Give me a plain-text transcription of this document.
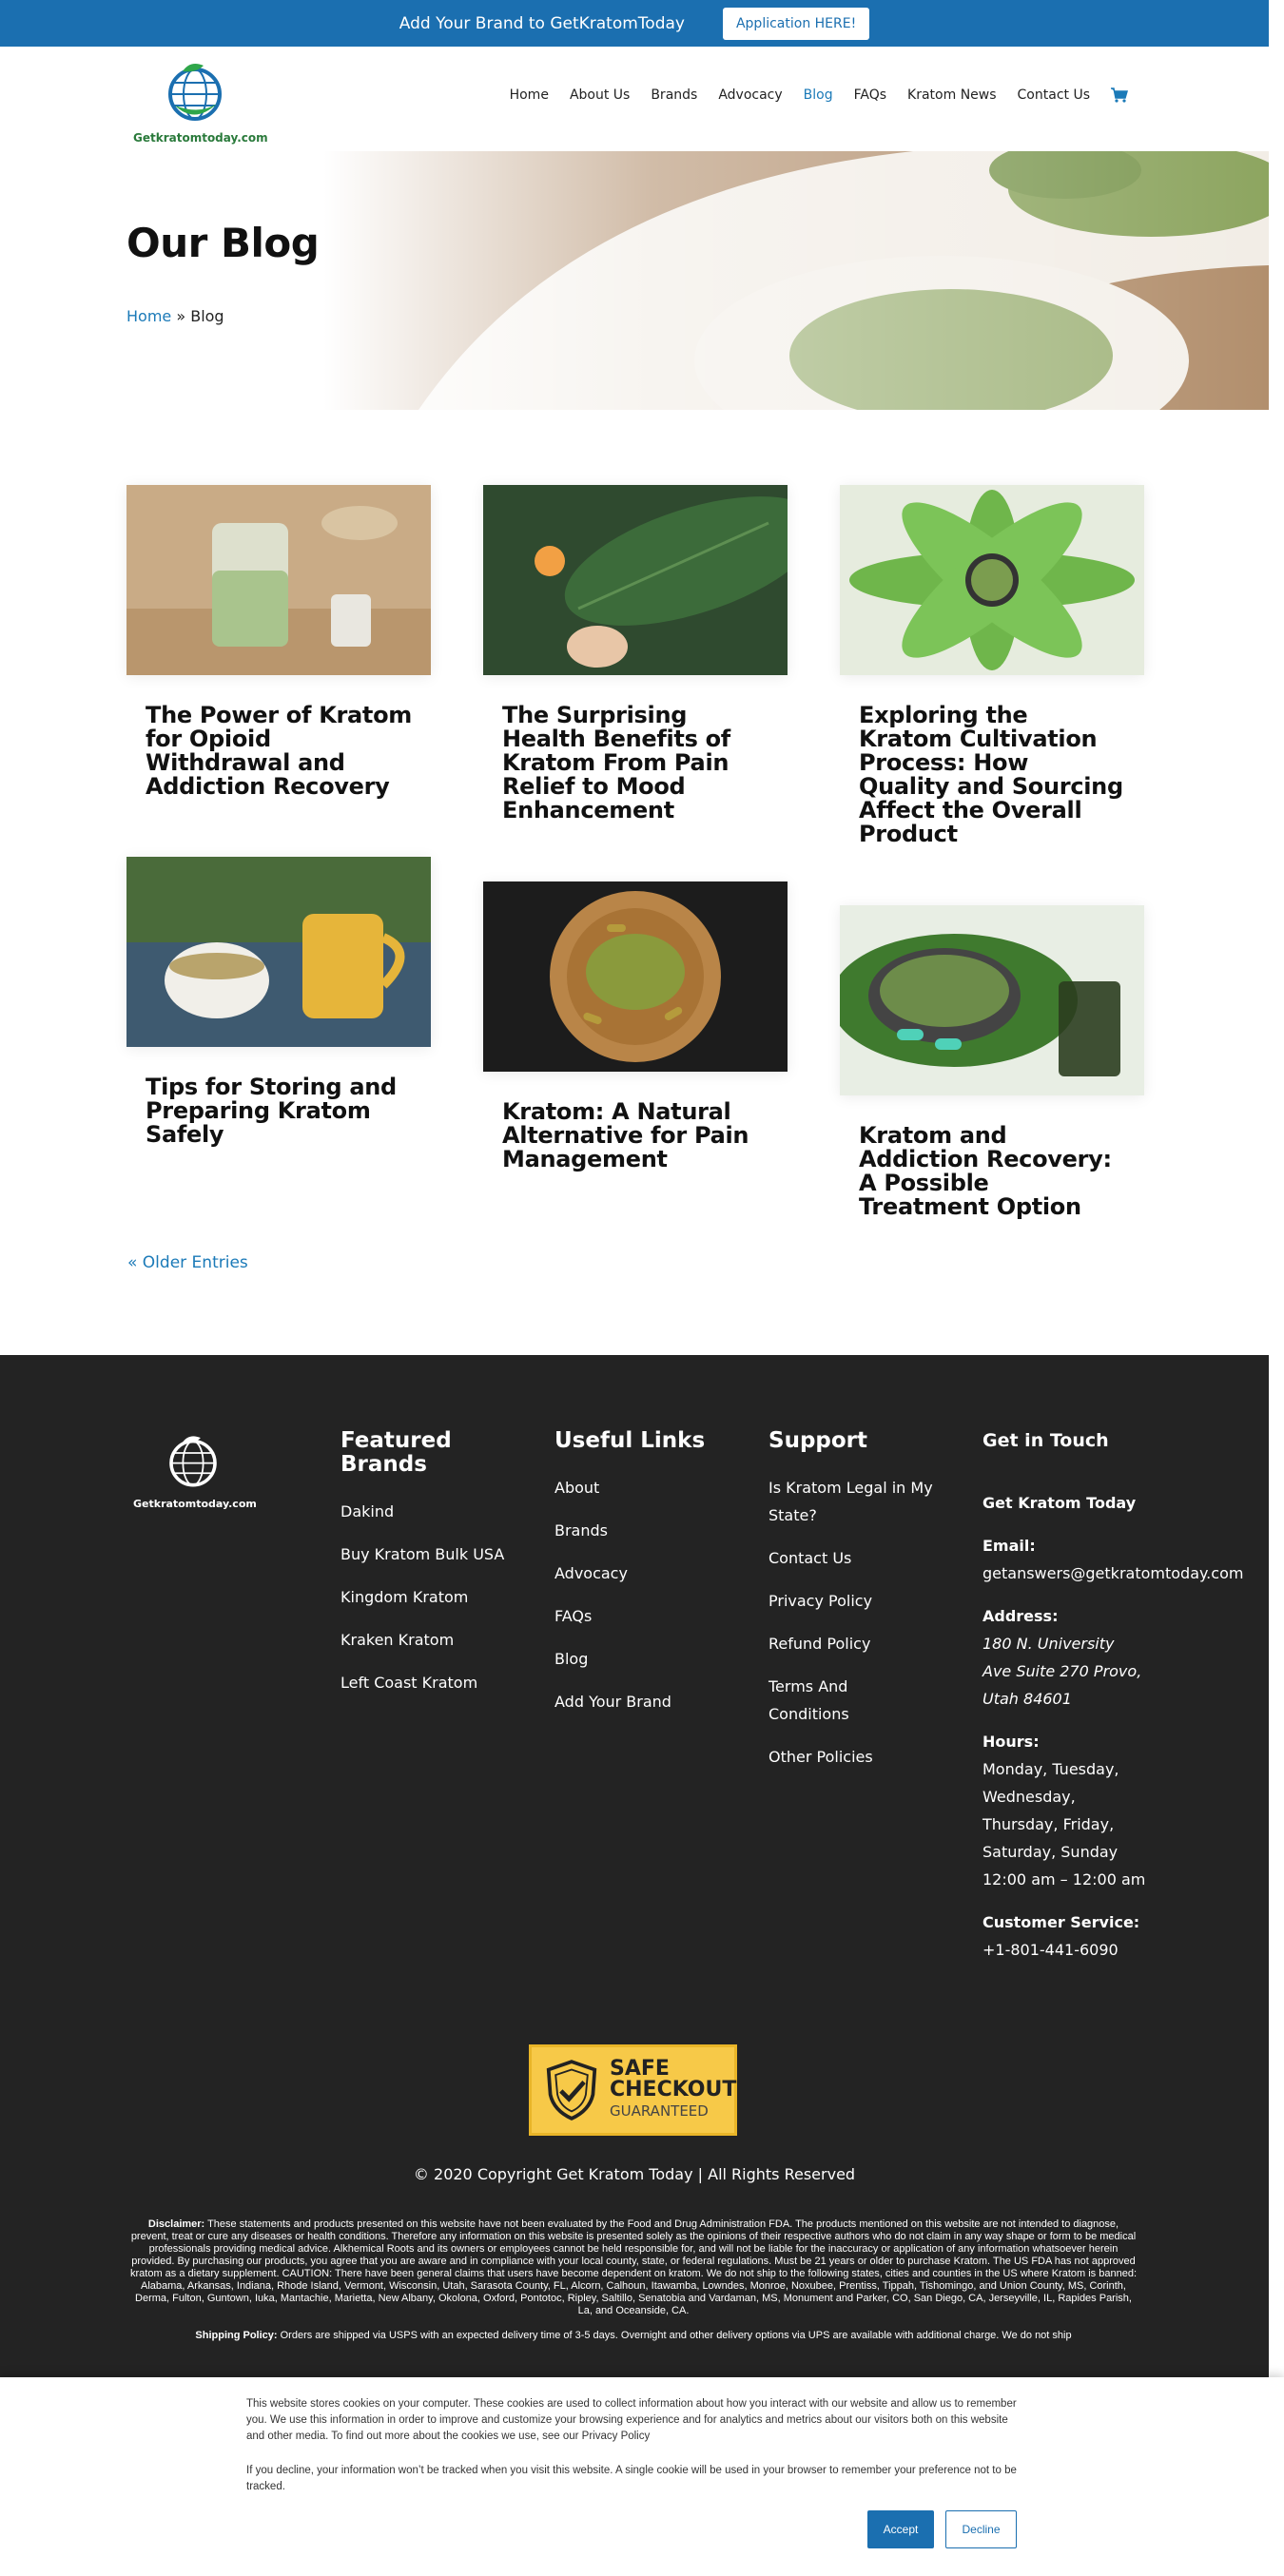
Add Your Brand to GetKratomToday	Application HERE!
Getkratomtoday.com
Home About Us Brands Advocacy Blog FAQs Kratom News Contact Us
Our Blog
Home » Blog
The Power of Kratom for Opioid Withdrawal and Addiction Recovery
The Surprising Health Benefits of Kratom From Pain Relief to Mood Enhancement
Exploring the Kratom Cultivation Process: How Quality and Sourcing Affect the Overall Product
Tips for Storing and Preparing Kratom Safely
Kratom: A Natural Alternative for Pain Management
Kratom and Addiction Recovery: A Possible Treatment Option
« Older Entries
Getkratomtoday.com
Featured Brands
Dakind
Buy Kratom Bulk USA
Kingdom Kratom
Kraken Kratom
Left Coast Kratom
Useful Links
About
Brands
Advocacy
FAQs
Blog
Add Your Brand
Support
Is Kratom Legal in My State?
Contact Us
Privacy Policy
Refund Policy
Terms And Conditions
Other Policies
Get in Touch
Get Kratom Today
Email:
getanswers@getkratomtoday.com
Address:
180 N. University Ave Suite 270 Provo, Utah 84601
Hours:
Monday, Tuesday, Wednesday, Thursday, Friday, Saturday, Sunday
12:00 am – 12:00 am
Customer Service:
+1-801-441-6090
SAFE
CHECKOUT
GUARANTEED
© 2020 Copyright Get Kratom Today | All Rights Reserved
Disclaimer: These statements and products presented on this website have not been evaluated by the Food and Drug Administration FDA. The products mentioned on this website are not intended to diagnose, prevent, treat or cure any diseases or health conditions. Therefore any information on this website is presented solely as the opinions of their respective authors who do not claim in any way shape or form to be medical professionals providing medical advice. Alkhemical Roots and its owners or employees cannot be held responsible for, and will not be liable for the inaccuracy or application of any information whatsoever herein provided. By purchasing our products, you agree that you are aware and in compliance with your local county, state, or federal regulations. Must be 21 years or older to purchase Kratom. The US FDA has not approved kratom as a dietary supplement. CAUTION: There have been general claims that users have become dependent on kratom. We do not ship to the following states, cities and counties in the US where Kratom is banned: Alabama, Arkansas, Indiana, Rhode Island, Vermont, Wisconsin, Utah, Sarasota County, FL, Alcorn, Calhoun, Itawamba, Lowndes, Monroe, Noxubee, Prentiss, Tippah, Tishomingo, and Union County, MS, Corinth, Derma, Fulton, Guntown, Iuka, Mantachie, Marietta, New Albany, Okolona, Oxford, Pontotoc, Ripley, Saltillo, Senatobia and Vardaman, MS, Monument and Parker, CO, San Diego, CA, Jerseyville, IL, Rapides Parish, La, and Oceanside, CA.
Shipping Policy: Orders are shipped via USPS with an expected delivery time of 3-5 days. Overnight and other delivery options via UPS are available with additional charge. We do not ship

This website stores cookies on your computer. These cookies are used to collect information about how you interact with our website and allow us to remember you. We use this information in order to improve and customize your browsing experience and for analytics and metrics about our visitors both on this website and other media. To find out more about the cookies we use, see our Privacy Policy

If you decline, your information won’t be tracked when you visit this website. A single cookie will be used in your browser to remember your preference not to be tracked.

Accept	Decline
